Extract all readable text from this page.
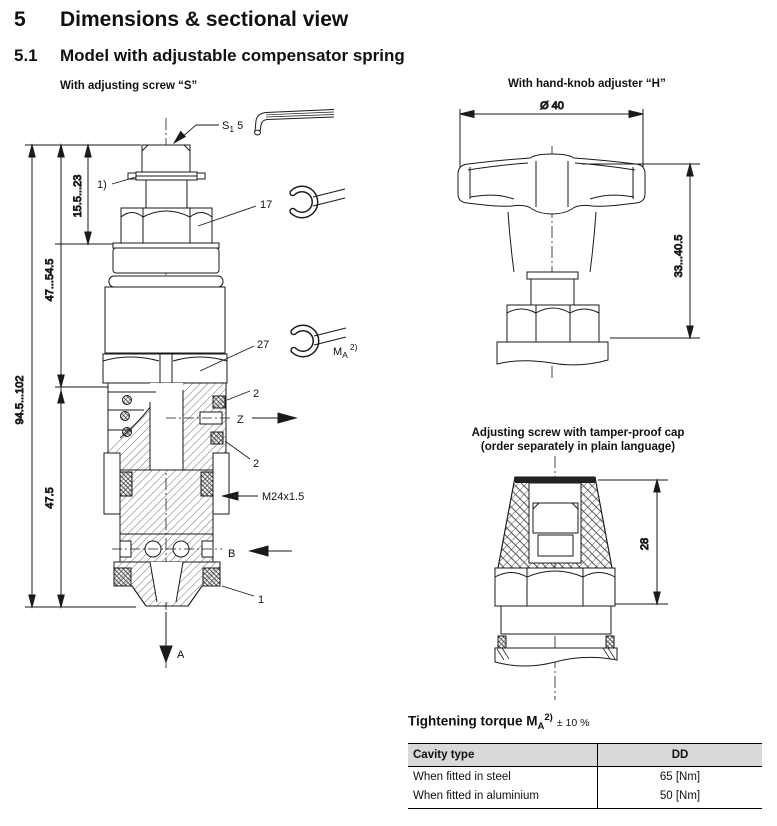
5	Dimensions & sectional view
5.1	Model with adjustable compensator spring
With adjusting screw “S”	With hand-knob adjuster “H”
Adjusting screw with tamper-proof cap
(order separately in plain language)
94.5...102
47...54.5
47.5
15.5...23
$S_1$ 5
1)
17
27
$M_A^{2)}$
2
Z
2
M24x1.5
B
1
A
Ø 40
33...40.5
28
Tightening torque $M_A^{2)} \pm 10$ %
Cavity type	DD
When fitted in steel	65 [Nm]
When fitted in aluminium	50 [Nm]
